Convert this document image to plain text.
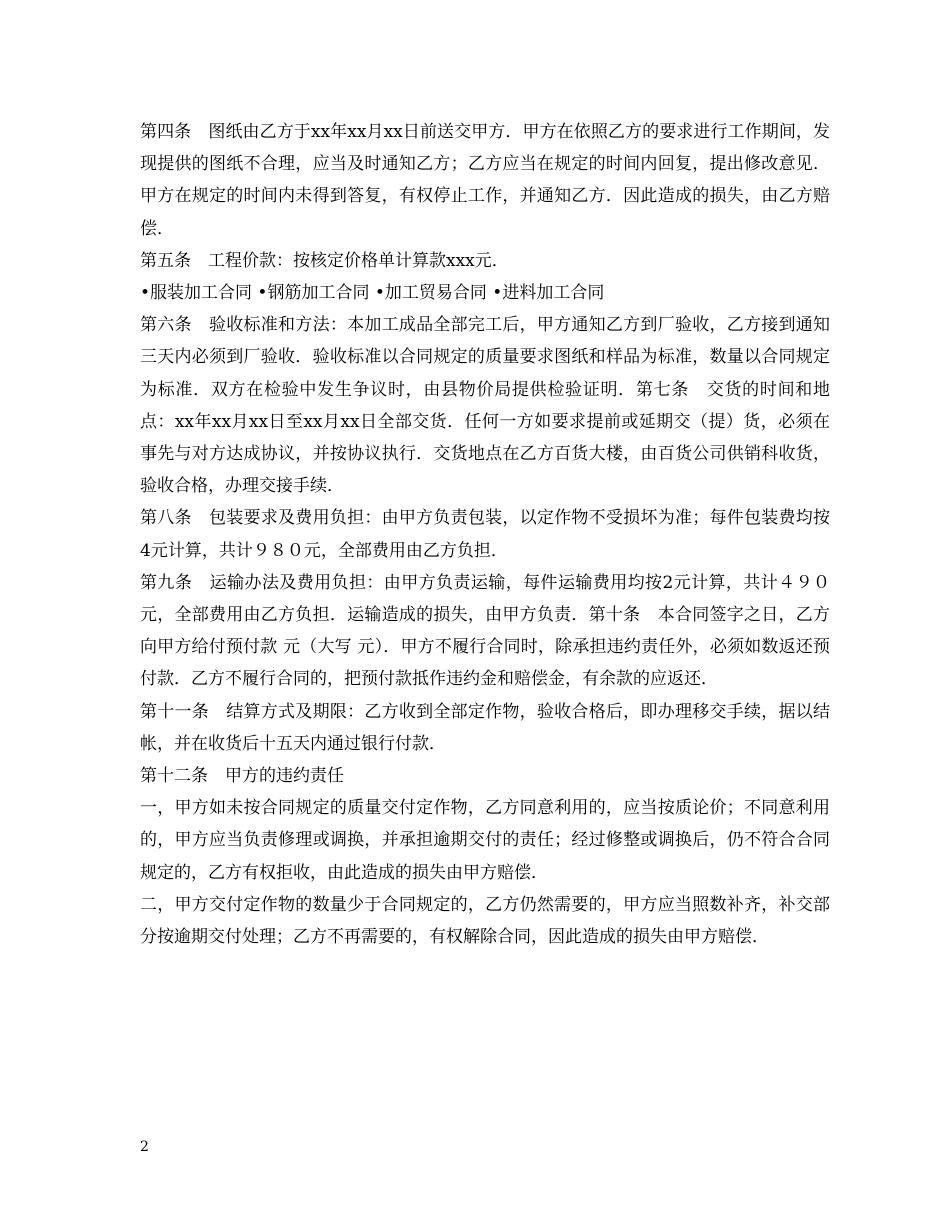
第四条　图纸由乙方于xx年xx月xx日前送交甲方．甲方在依照乙方的要求进行工作期间，发现提供的图纸不合理，应当及时通知乙方；乙方应当在规定的时间内回复，提出修改意见．甲方在规定的时间内未得到答复，有权停止工作，并通知乙方．因此造成的损失，由乙方赔偿．

第五条　工程价款：按核定价格单计算款xxx元．

•服装加工合同 •钢筋加工合同 •加工贸易合同 •进料加工合同

第六条　验收标准和方法：本加工成品全部完工后，甲方通知乙方到厂验收，乙方接到通知三天内必须到厂验收．验收标准以合同规定的质量要求图纸和样品为标准，数量以合同规定为标准．双方在检验中发生争议时，由县物价局提供检验证明．第七条　交货的时间和地点：xx年xx月xx日至xx月xx日全部交货．任何一方如要求提前或延期交（提）货，必须在事先与对方达成协议，并按协议执行．交货地点在乙方百货大楼，由百货公司供销科收货，验收合格，办理交接手续．

第八条　包装要求及费用负担：由甲方负责包装，以定作物不受损坏为准；每件包装费均按4元计算，共计９８０元，全部费用由乙方负担．

第九条　运输办法及费用负担：由甲方负责运输，每件运输费用均按2元计算，共计４９０元，全部费用由乙方负担．运输造成的损失，由甲方负责．第十条　本合同签字之日，乙方向甲方给付预付款 元（大写 元）．甲方不履行合同时，除承担违约责任外，必须如数返还预付款．乙方不履行合同的，把预付款抵作违约金和赔偿金，有余款的应返还．

第十一条　结算方式及期限：乙方收到全部定作物，验收合格后，即办理移交手续，据以结帐，并在收货后十五天内通过银行付款．

第十二条　甲方的违约责任

一，甲方如未按合同规定的质量交付定作物，乙方同意利用的，应当按质论价；不同意利用的，甲方应当负责修理或调换，并承担逾期交付的责任；经过修整或调换后，仍不符合合同规定的，乙方有权拒收，由此造成的损失由甲方赔偿．

二，甲方交付定作物的数量少于合同规定的，乙方仍然需要的，甲方应当照数补齐，补交部分按逾期交付处理；乙方不再需要的，有权解除合同，因此造成的损失由甲方赔偿．

2
